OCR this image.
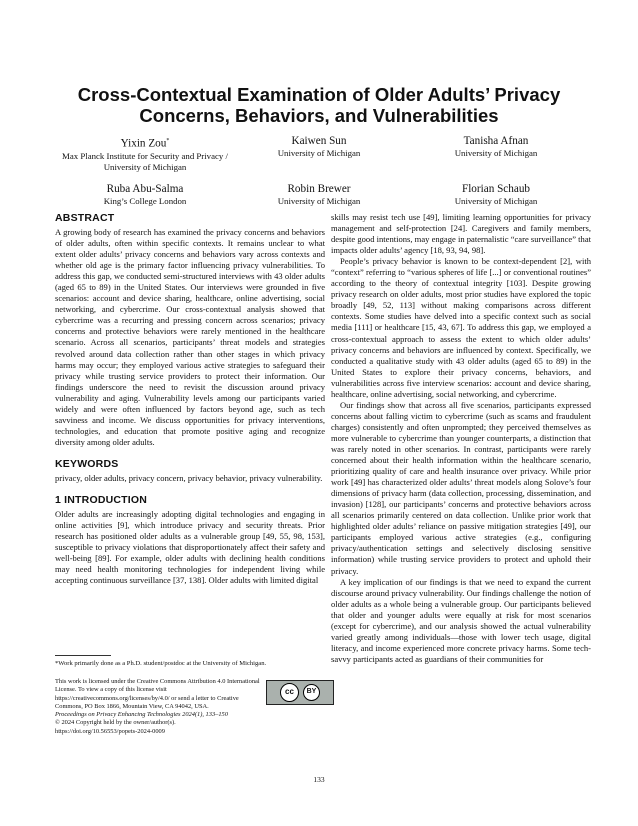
Cross-Contextual Examination of Older Adults’ Privacy Concerns, Behaviors, and Vulnerabilities
Yixin Zou*
Max Planck Institute for Security and Privacy / University of Michigan
Kaiwen Sun
University of Michigan
Tanisha Afnan
University of Michigan
Ruba Abu-Salma
King’s College London
Robin Brewer
University of Michigan
Florian Schaub
University of Michigan
ABSTRACT

A growing body of research has examined the privacy concerns and behaviors of older adults, often within specific contexts. It remains unclear to what extent older adults’ privacy concerns and behaviors vary across contexts and whether old age is the primary factor influencing privacy vulnerabilities. To address this gap, we conducted semi-structured interviews with 43 older adults (aged 65 to 89) in the United States. Our interviews were grounded in five scenarios: account and device sharing, healthcare, online advertising, social networking, and cybercrime. Our cross-contextual analysis showed that cybercrime was a recurring and pressing concern across scenarios; privacy concerns and protective behaviors were rarely mentioned in the healthcare scenario. Across all scenarios, participants’ threat models and strategies revolved around data collection rather than other stages in which privacy harms may occur; they employed various active strategies to safeguard their privacy while trusting service providers to protect their information. Our findings underscore the need to revisit the discussion around privacy vulnerability and aging. Vulnerability levels among our participants varied widely and were often influenced by factors beyond age, such as tech savviness and income. We discuss opportunities for privacy interventions, technologies, and education that promote positive aging and recognize diversity among older adults.

KEYWORDS

privacy, older adults, privacy concern, privacy behavior, privacy vulnerability.

1 INTRODUCTION

Older adults are increasingly adopting digital technologies and engaging in online activities [9], which introduce privacy and security threats. Prior research has positioned older adults as a vulnerable group [49, 55, 98, 153], susceptible to privacy violations that disproportionately affect their safety and well-being [89]. For example, older adults with declining health conditions may need health monitoring technologies for independent living while accepting continuous surveillance [37, 138]. Older adults with limited digital

*Work primarily done as a Ph.D. student/postdoc at the University of Michigan.
This work is licensed under the Creative Commons Attribution 4.0 International License. To view a copy of this license visit https://creativecommons.org/licenses/by/4.0/ or send a letter to Creative Commons, PO Box 1866, Mountain View, CA 94042, USA.
Proceedings on Privacy Enhancing Technologies 2024(1), 133–150
© 2024 Copyright held by the owner/author(s).
https://doi.org/10.56553/popets-2024-0009
cc	BY

skills may resist tech use [49], limiting learning opportunities for privacy management and self-protection [24]. Caregivers and family members, despite good intentions, may engage in paternalistic “care surveillance” that impacts older adults’ agency [18, 93, 94, 98].

People’s privacy behavior is known to be context-dependent [2], with “context” referring to “various spheres of life [...] or conventional routines” according to the theory of contextual integrity [103]. Despite growing privacy research on older adults, most prior studies have explored the topic broadly [49, 52, 113] without making comparisons across different contexts. Some studies have delved into a specific context such as social media [111] or healthcare [15, 43, 67]. To address this gap, we employed a cross-contextual approach to assess the extent to which older adults’ privacy concerns and behaviors are influenced by context. Specifically, we conducted a qualitative study with 43 older adults (aged 65 to 89) in the United States to explore their privacy concerns, behaviors, and vulnerabilities across five interview scenarios: account and device sharing, healthcare, online advertising, social networking, and cybercrime.

Our findings show that across all five scenarios, participants expressed concerns about falling victim to cybercrime (such as scams and fraudulent charges) consistently and often unprompted; they perceived themselves as more vulnerable to cybercrime than younger counterparts, a distinction that was rarely noted in other scenarios. In contrast, participants were rarely concerned about their health information within the healthcare scenario, prioritizing quality of care and health insurance over privacy. While prior work [49] has characterized older adults’ threat models along Solove’s four dimensions of privacy harm (data collection, processing, dissemination, and invasion) [128], our participants’ concerns and protective behaviors across all scenarios primarily centered on data collection. Unlike prior work that highlighted older adults’ reliance on passive mitigation strategies [49], our participants employed various active strategies (e.g., configuring privacy/authentication settings and selectively disclosing sensitive information) while trusting service providers to protect and uphold their privacy.

A key implication of our findings is that we need to expand the current discourse around privacy vulnerability. Our findings challenge the notion of older adults as a whole being a vulnerable group. Our participants believed that older and younger adults were equally at risk for most scenarios (except for cybercrime), and our analysis showed the actual vulnerability varied greatly among individuals—those with lower tech usage, digital literacy, and income experienced more concrete privacy harms. Some tech-savvy participants acted as guardians of their communities for

133
